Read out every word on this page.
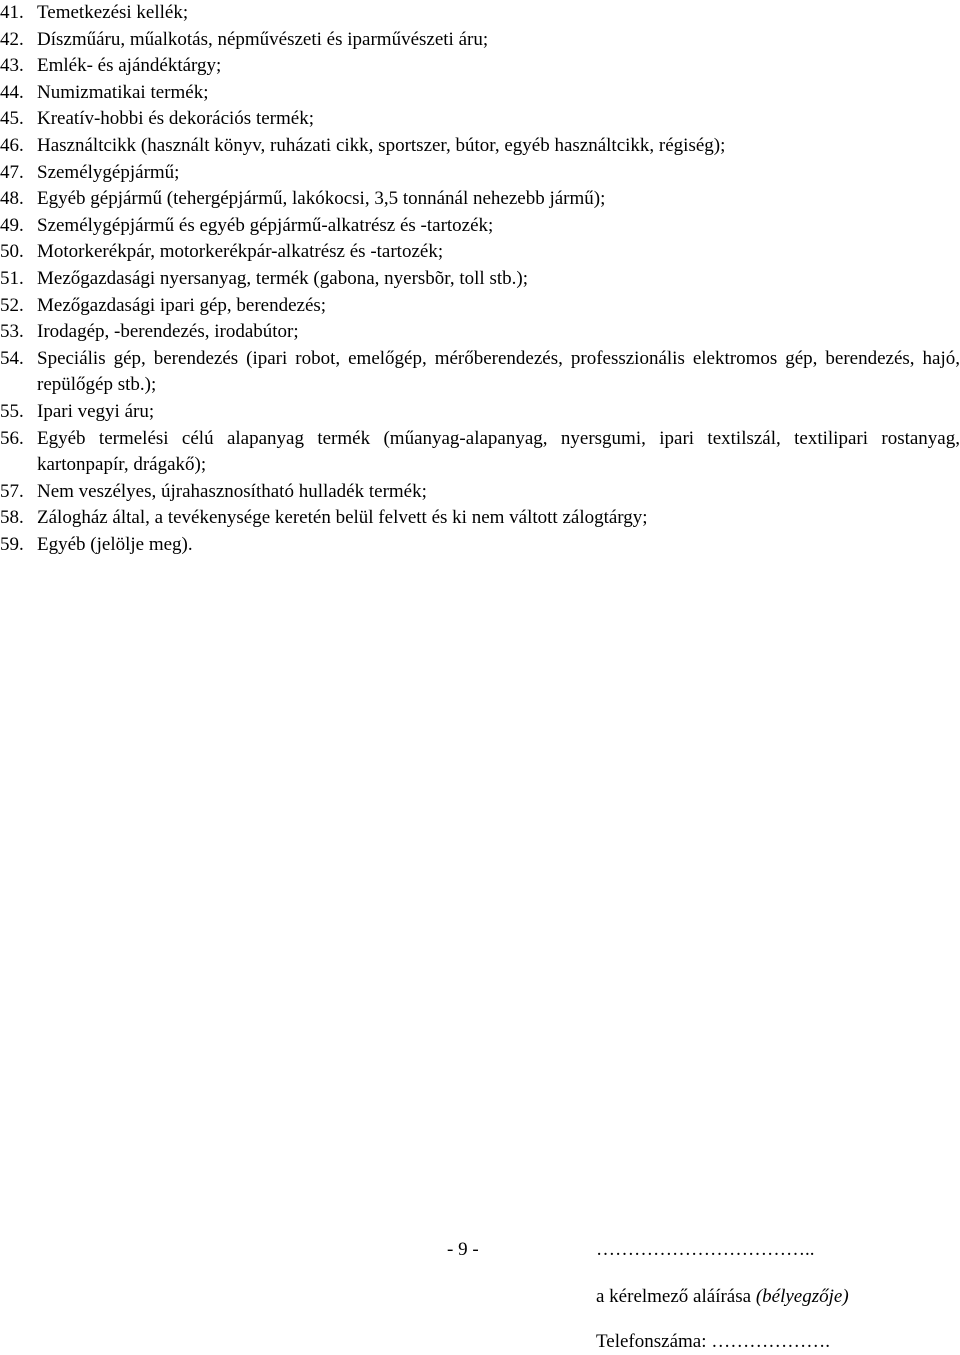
41. Temetkezési kellék;
42. Díszműáru, műalkotás, népművészeti és iparművészeti áru;
43. Emlék- és ajándéktárgy;
44. Numizmatikai termék;
45. Kreatív-hobbi és dekorációs termék;
46. Használtcikk (használt könyv, ruházati cikk, sportszer, bútor, egyéb használtcikk, régiség);
47. Személygépjármű;
48. Egyéb gépjármű (tehergépjármű, lakókocsi, 3,5 tonnánál nehezebb jármű);
49. Személygépjármű és egyéb gépjármű-alkatrész és -tartozék;
50. Motorkerékpár, motorkerékpár-alkatrész és -tartozék;
51. Mezőgazdasági nyersanyag, termék (gabona, nyersbõr, toll stb.);
52. Mezőgazdasági ipari gép, berendezés;
53. Irodagép, -berendezés, irodabútor;
54. Speciális gép, berendezés (ipari robot, emelőgép, mérőberendezés, professzionális elektromos gép, berendezés, hajó, repülőgép stb.);
55. Ipari vegyi áru;
56. Egyéb termelési célú alapanyag termék (műanyag-alapanyag, nyersgumi, ipari textilszál, textilipari rostanyag, kartonpapír, drágakő);
57. Nem veszélyes, újrahasznosítható hulladék termék;
58. Zálogház által, a tevékenysége keretén belül felvett és ki nem váltott zálogtárgy;
59. Egyéb (jelölje meg).
- 9 -	……………………………..
a kérelmező aláírása (bélyegzője)
Telefonszáma: ……………….
